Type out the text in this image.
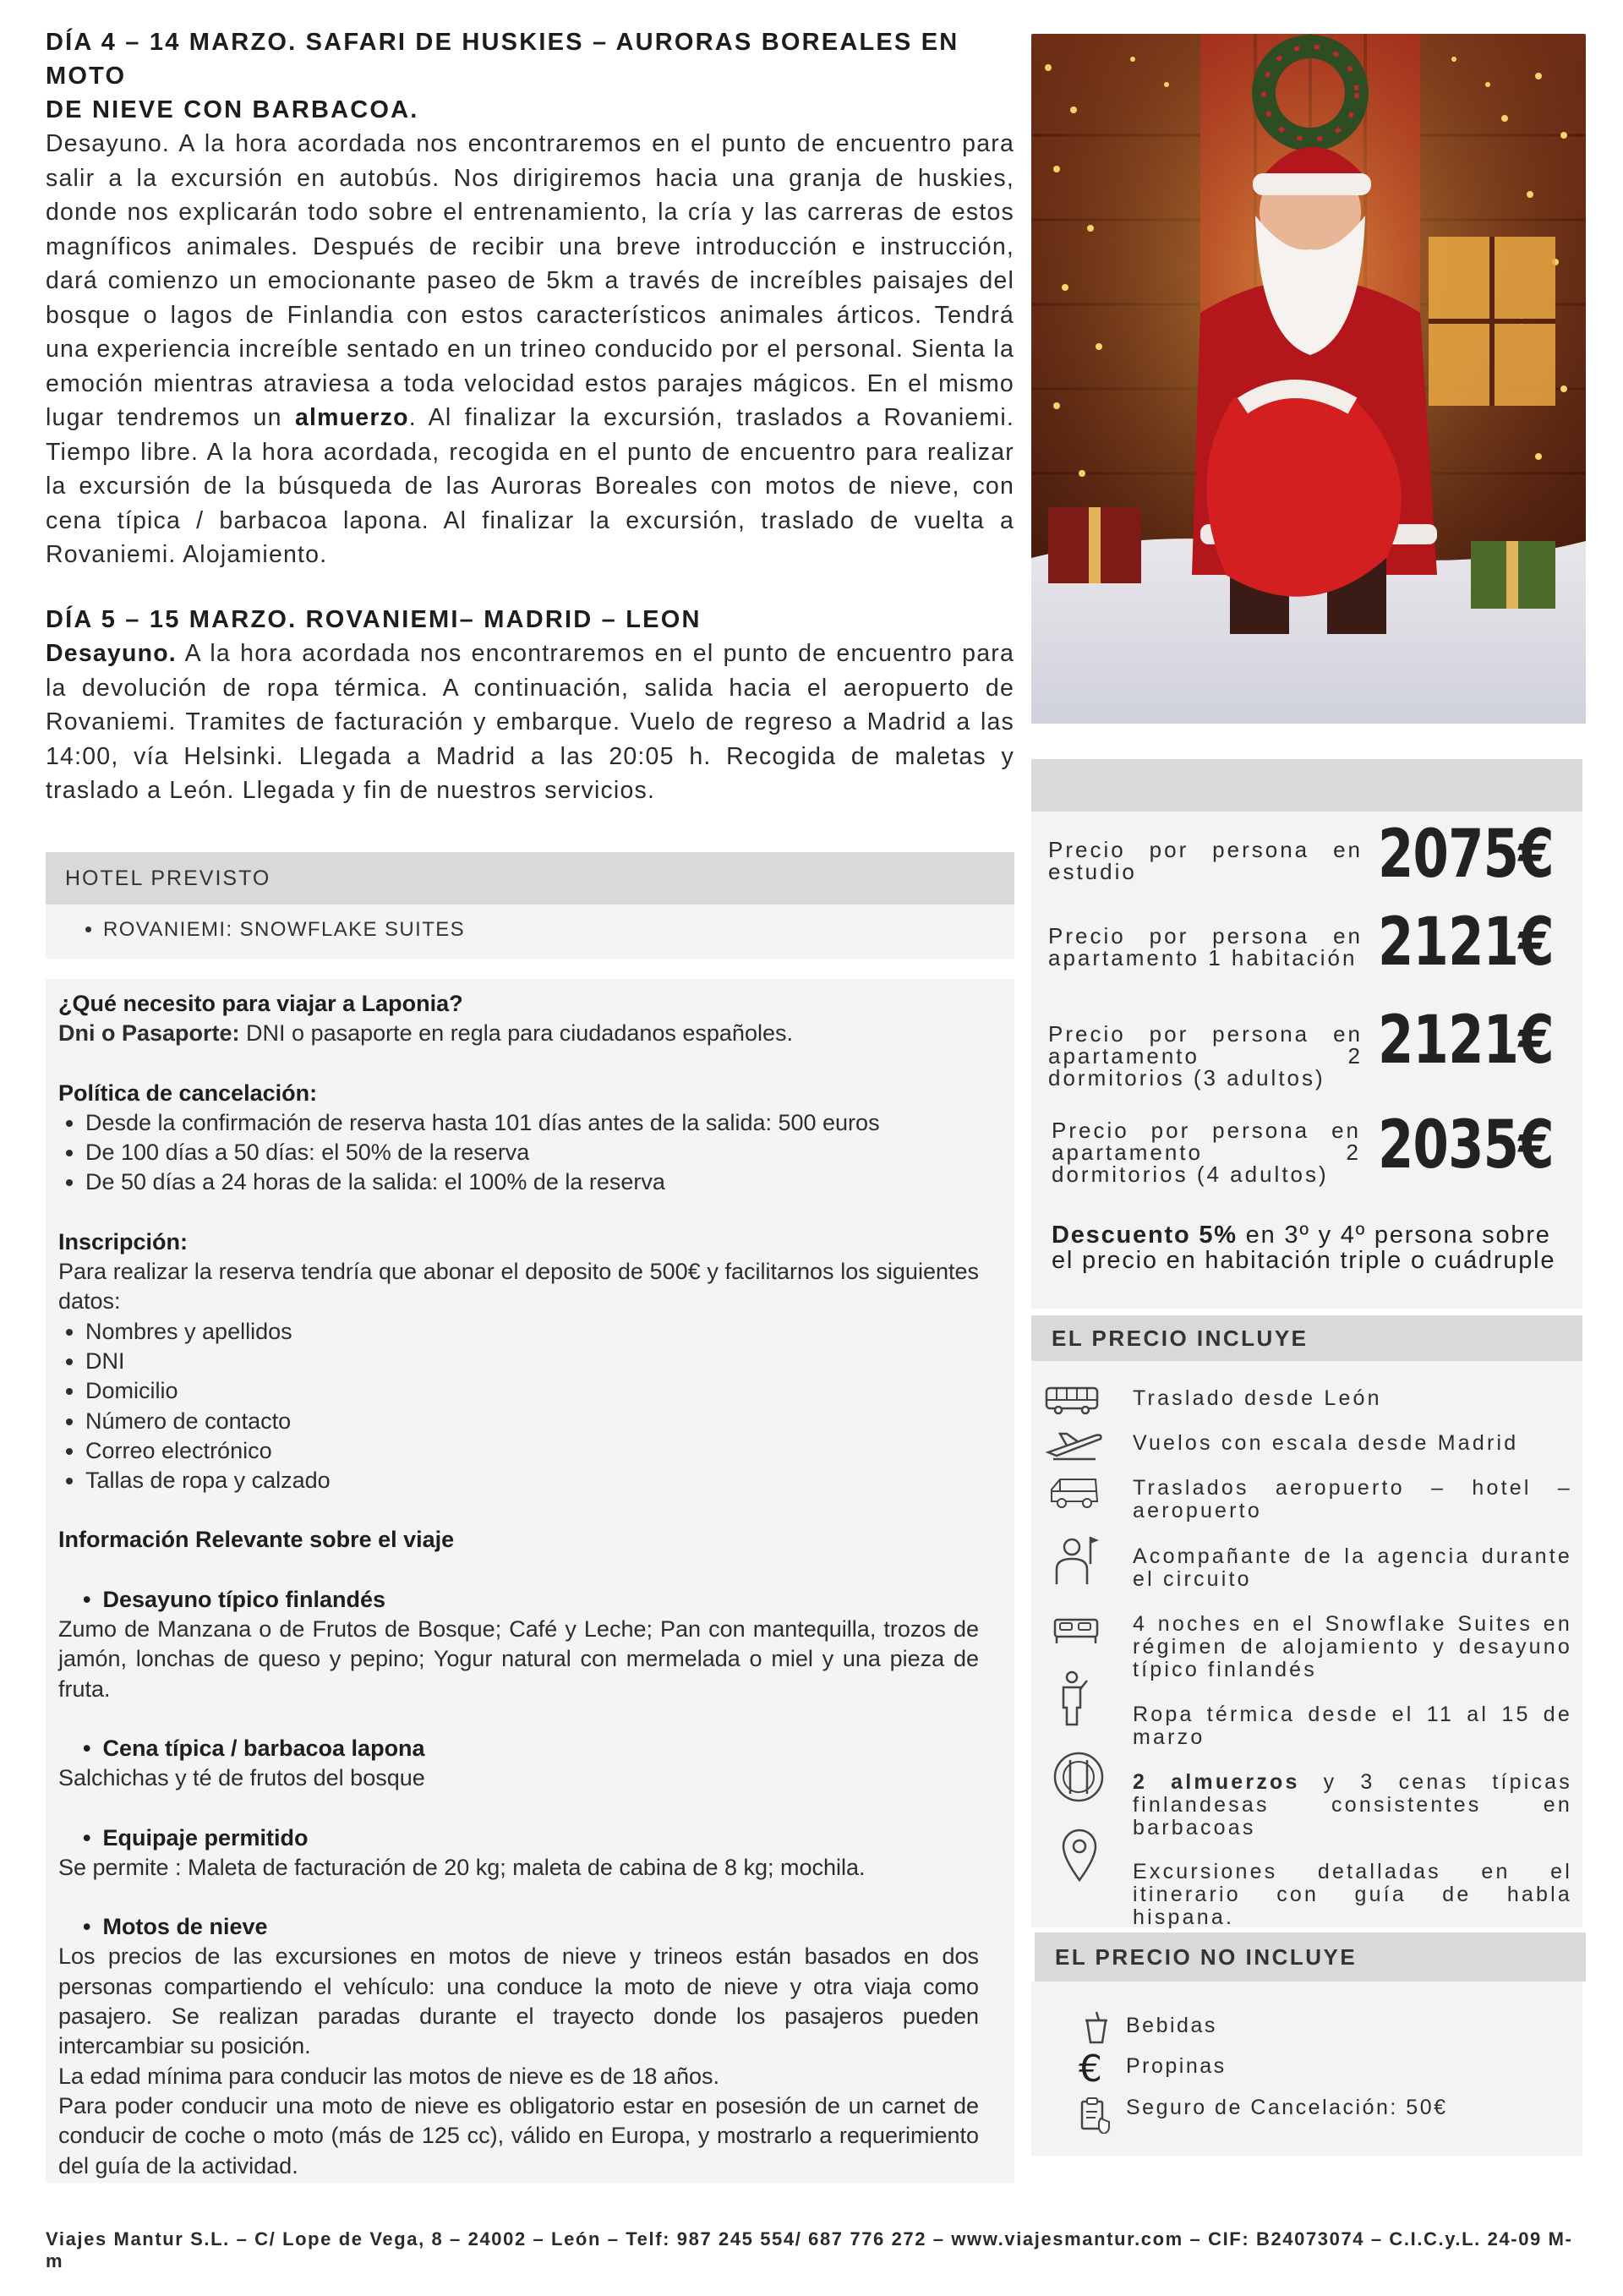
DÍA 4 – 14 MARZO. SAFARI DE HUSKIES – AURORAS BOREALES EN MOTO
DE NIEVE CON BARBACOA.

Desayuno. A la hora acordada nos encontraremos en el punto de encuentro para salir a la excursión en autobús. Nos dirigiremos hacia una granja de huskies, donde nos explicarán todo sobre el entrenamiento, la cría y las carreras de estos magníficos animales. Después de recibir una breve introducción e instrucción, dará comienzo un emocionante paseo de 5km a través de increíbles paisajes del bosque o lagos de Finlandia con estos característicos animales árticos. Tendrá una experiencia increíble sentado en un trineo conducido por el personal. Sienta la emoción mientras atraviesa a toda velocidad estos parajes mágicos. En el mismo lugar tendremos un almuerzo. Al finalizar la excursión, traslados a Rovaniemi. Tiempo libre. A la hora acordada, recogida en el punto de encuentro para realizar la excursión de la búsqueda de las Auroras Boreales con motos de nieve, con cena típica / barbacoa lapona. Al finalizar la excursión, traslado de vuelta a Rovaniemi. Alojamiento.

DÍA 5 – 15 MARZO. ROVANIEMI– MADRID – LEON

Desayuno. A la hora acordada nos encontraremos en el punto de encuentro para la devolución de ropa térmica. A continuación, salida hacia el aeropuerto de Rovaniemi. Tramites de facturación y embarque. Vuelo de regreso a Madrid a las 14:00, vía Helsinki. Llegada a Madrid a las 20:05 h. Recogida de maletas y traslado a León. Llegada y fin de nuestros servicios.

HOTEL PREVISTO
• ROVANIEMI: SNOWFLAKE SUITES
¿Qué necesito para viajar a Laponia?
Dni o Pasaporte: DNI o pasaporte en regla para ciudadanos españoles.
Política de cancelación:
• Desde la confirmación de reserva hasta 101 días antes de la salida: 500 euros
• De 100 días a 50 días: el 50% de la reserva
• De 50 días a 24 horas de la salida: el 100% de la reserva
Inscripción:
Para realizar la reserva tendría que abonar el deposito de 500€ y facilitarnos los siguientes datos:
• Nombres y apellidos
• DNI
• Domicilio
• Número de contacto
• Correo electrónico
• Tallas de ropa y calzado
Información Relevante sobre el viaje
• Desayuno típico finlandés
Zumo de Manzana o de Frutos de Bosque; Café y Leche; Pan con mantequilla, trozos de jamón, lonchas de queso y pepino; Yogur natural con mermelada o miel y una pieza de fruta.
• Cena típica / barbacoa lapona
Salchichas y té de frutos del bosque
• Equipaje permitido
Se permite : Maleta de facturación de 20 kg; maleta de cabina de 8 kg; mochila.
• Motos de nieve
Los precios de las excursiones en motos de nieve y trineos están basados en dos personas compartiendo el vehículo: una conduce la moto de nieve y otra viaja como pasajero. Se realizan paradas durante el trayecto donde los pasajeros pueden intercambiar su posición.
La edad mínima para conducir las motos de nieve es de 18 años.
Para poder conducir una moto de nieve es obligatorio estar en posesión de un carnet de conducir de coche o moto (más de 125 cc), válido en Europa, y mostrarlo a requerimiento del guía de la actividad.
Precio por persona en estudio	2075€
Precio por persona en apartamento 1 habitación 2121€
Precio por persona en apartamento 2 dormitorios (3 adultos) 2121€
Precio por persona en apartamento 2 dormitorios (4 adultos) 2035€
Descuento 5% en 3º y 4º persona sobre el precio en habitación triple o cuádruple
EL PRECIO INCLUYE
Traslado desde León
Vuelos con escala desde Madrid
Traslados aeropuerto – hotel – aeropuerto
Acompañante de la agencia durante el circuito
4 noches en el Snowflake Suites en régimen de alojamiento y desayuno típico finlandés
Ropa térmica desde el 11 al 15 de marzo
2 almuerzos y 3 cenas típicas finlandesas consistentes en barbacoas
Excursiones detalladas en el itinerario con guía de habla hispana.
EL PRECIO NO INCLUYE
€
Bebidas
Propinas
Seguro de Cancelación: 50€
Viajes Mantur S.L. – C/ Lope de Vega, 8 – 24002 – León – Telf: 987 245 554/ 687 776 272 – www.viajesmantur.com – CIF: B24073074 – C.I.C.y.L. 24-09 M-m
